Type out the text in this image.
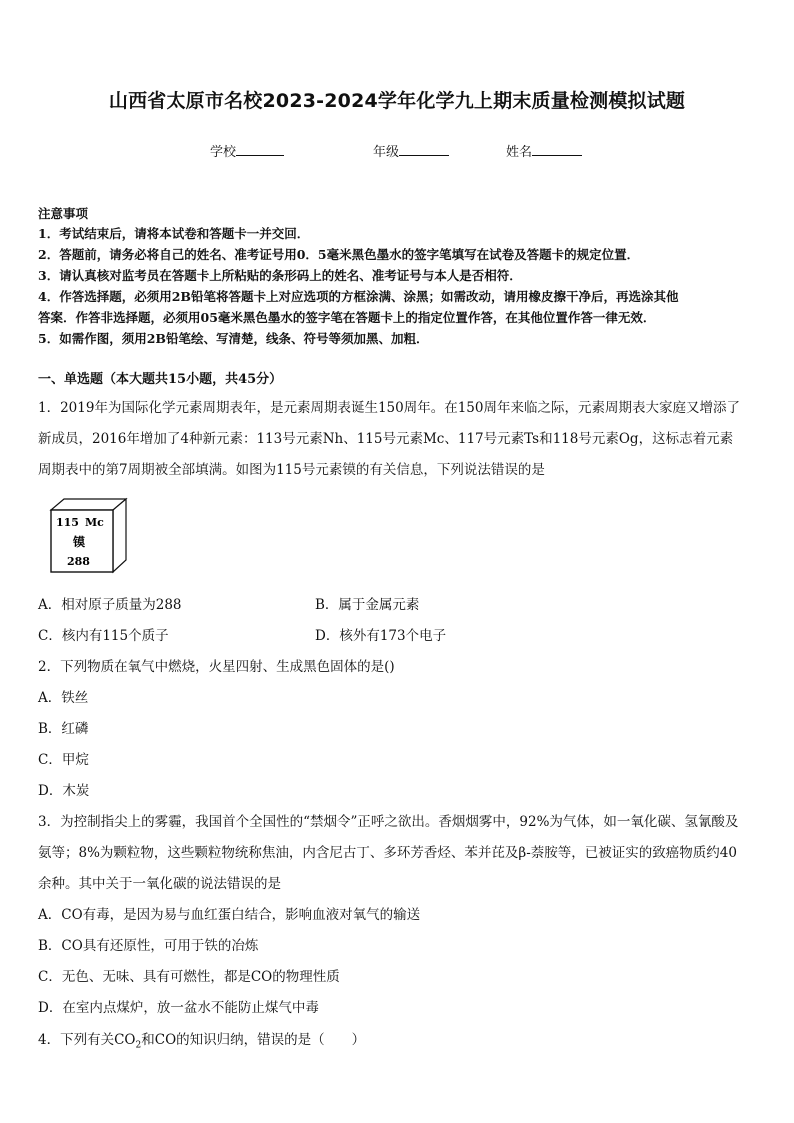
山西省太原市名校2023-2024学年化学九上期末质量检测模拟试题
学校	年级	姓名
注意事项
1．考试结束后，请将本试卷和答题卡一并交回．
2．答题前，请务必将自己的姓名、准考证号用0．5毫米黑色墨水的签字笔填写在试卷及答题卡的规定位置．
3．请认真核对监考员在答题卡上所粘贴的条形码上的姓名、准考证号与本人是否相符．
4．作答选择题，必须用2B铅笔将答题卡上对应选项的方框涂满、涂黑；如需改动，请用橡皮擦干净后，再选涂其他
答案．作答非选择题，必须用05毫米黑色墨水的签字笔在答题卡上的指定位置作答，在其他位置作答一律无效．
5．如需作图，须用2B铅笔绘、写清楚，线条、符号等须加黑、加粗．
一、单选题（本大题共15小题，共45分）
1．2019年为国际化学元素周期表年，是元素周期表诞生150周年。在150周年来临之际，元素周期表大家庭又增添了
新成员，2016年增加了4种新元素：113号元素Nh、115号元素Mc、117号元素Ts和118号元素Og，这标志着元素
周期表中的第7周期被全部填满。如图为115号元素镆的有关信息，下列说法错误的是
115 Mc
镆
288
A．相对原子质量为288	B．属于金属元素
C．核内有115个质子	D．核外有173个电子
2．下列物质在氧气中燃烧，火星四射、生成黑色固体的是()
A．铁丝
B．红磷
C．甲烷
D．木炭
3．为控制指尖上的雾霾，我国首个全国性的“禁烟令”正呼之欲出。香烟烟雾中，92%为气体，如一氧化碳、氢氰酸及
氨等；8%为颗粒物，这些颗粒物统称焦油，内含尼古丁、多环芳香烃、苯并芘及β-萘胺等，已被证实的致癌物质约40
余种。其中关于一氧化碳的说法错误的是
A．CO有毒，是因为易与血红蛋白结合，影响血液对氧气的输送
B．CO具有还原性，可用于铁的冶炼
C．无色、无味、具有可燃性，都是CO的物理性质
D．在室内点煤炉，放一盆水不能防止煤气中毒
4．下列有关$CO_2$和CO的知识归纳，错误的是（　　）
